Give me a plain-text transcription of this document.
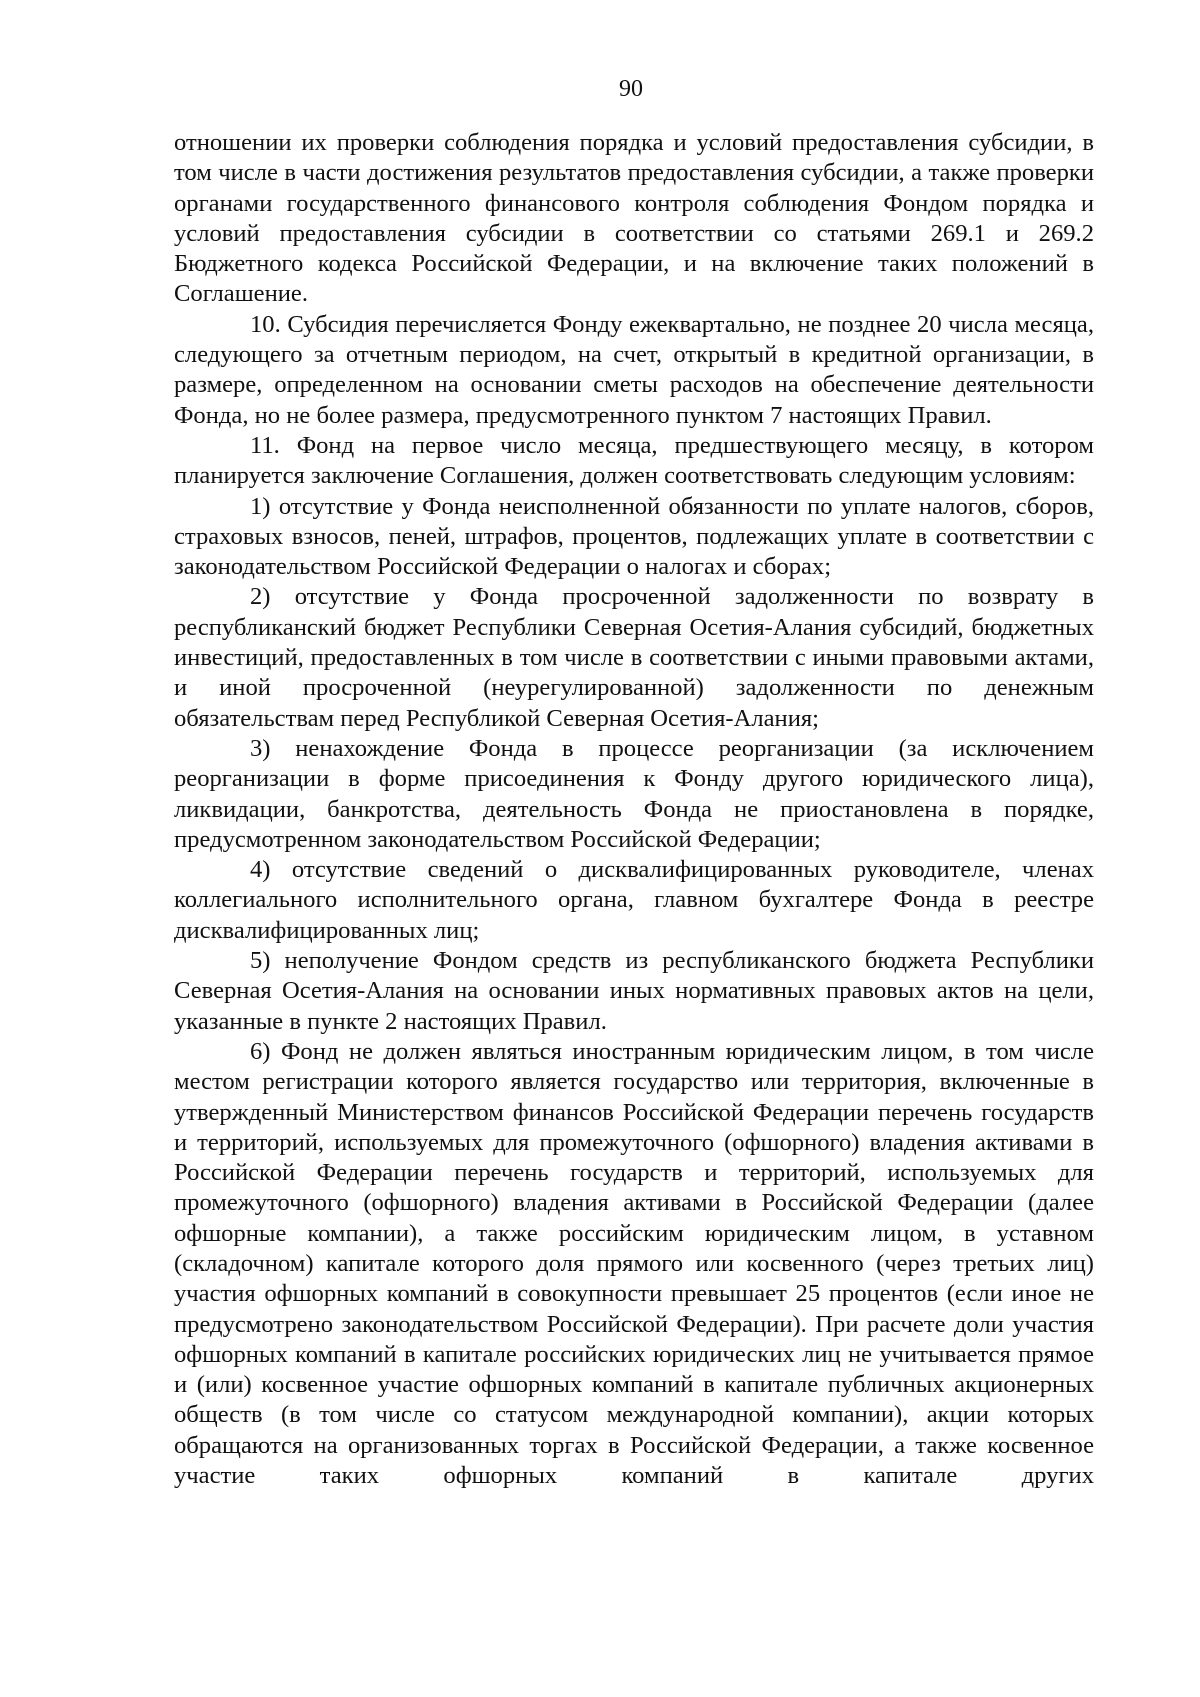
90

отношении их проверки соблюдения порядка и условий предоставления субсидии, в том числе в части достижения результатов предоставления субсидии, а также проверки органами государственного финансового контроля соблюдения Фондом порядка и условий предоставления субсидии в соответствии со статьями 269.1 и 269.2 Бюджетного кодекса Российской Федерации, и на включение таких положений в Соглашение.

10. Субсидия перечисляется Фонду ежеквартально, не позднее 20 числа месяца, следующего за отчетным периодом, на счет, открытый в кредитной организации, в размере, определенном на основании сметы расходов на обеспечение деятельности Фонда, но не более размера, предусмотренного пунктом 7 настоящих Правил.

11. Фонд на первое число месяца, предшествующего месяцу, в котором планируется заключение Соглашения, должен соответствовать следующим условиям:

1) отсутствие у Фонда неисполненной обязанности по уплате налогов, сборов, страховых взносов, пеней, штрафов, процентов, подлежащих уплате в соответствии с законодательством Российской Федерации о налогах и сборах;

2) отсутствие у Фонда просроченной задолженности по возврату в республиканский бюджет Республики Северная Осетия-Алания субсидий, бюджетных инвестиций, предоставленных в том числе в соответствии с иными правовыми актами, и иной просроченной (неурегулированной) задолженности по денежным обязательствам перед Республикой Северная Осетия-Алания;

3) ненахождение Фонда в процессе реорганизации (за исключением реорганизации в форме присоединения к Фонду другого юридического лица), ликвидации, банкротства, деятельность Фонда не приостановлена в порядке, предусмотренном законодательством Российской Федерации;

4) отсутствие сведений о дисквалифицированных руководителе, членах коллегиального исполнительного органа, главном бухгалтере Фонда в реестре дисквалифицированных лиц;

5) неполучение Фондом средств из республиканского бюджета Республики Северная Осетия-Алания на основании иных нормативных правовых актов на цели, указанные в пункте 2 настоящих Правил.

6) Фонд не должен являться иностранным юридическим лицом, в том числе местом регистрации которого является государство или территория, включенные в утвержденный Министерством финансов Российской Федерации перечень государств и территорий, используемых для промежуточного (офшорного) владения активами в Российской Федерации перечень государств и территорий, используемых для промежуточного (офшорного) владения активами в Российской Федерации (далее офшорные компании), а также российским юридическим лицом, в уставном (складочном) капитале которого доля прямого или косвенного (через третьих лиц) участия офшорных компаний в совокупности превышает 25 процентов (если иное не предусмотрено законодательством Российской Федерации). При расчете доли участия офшорных компаний в капитале российских юридических лиц не учитывается прямое и (или) косвенное участие офшорных компаний в капитале публичных акционерных обществ (в том числе со статусом международной компании), акции которых обращаются на организованных торгах в Российской Федерации, а также косвенное участие таких офшорных компаний в капитале других
